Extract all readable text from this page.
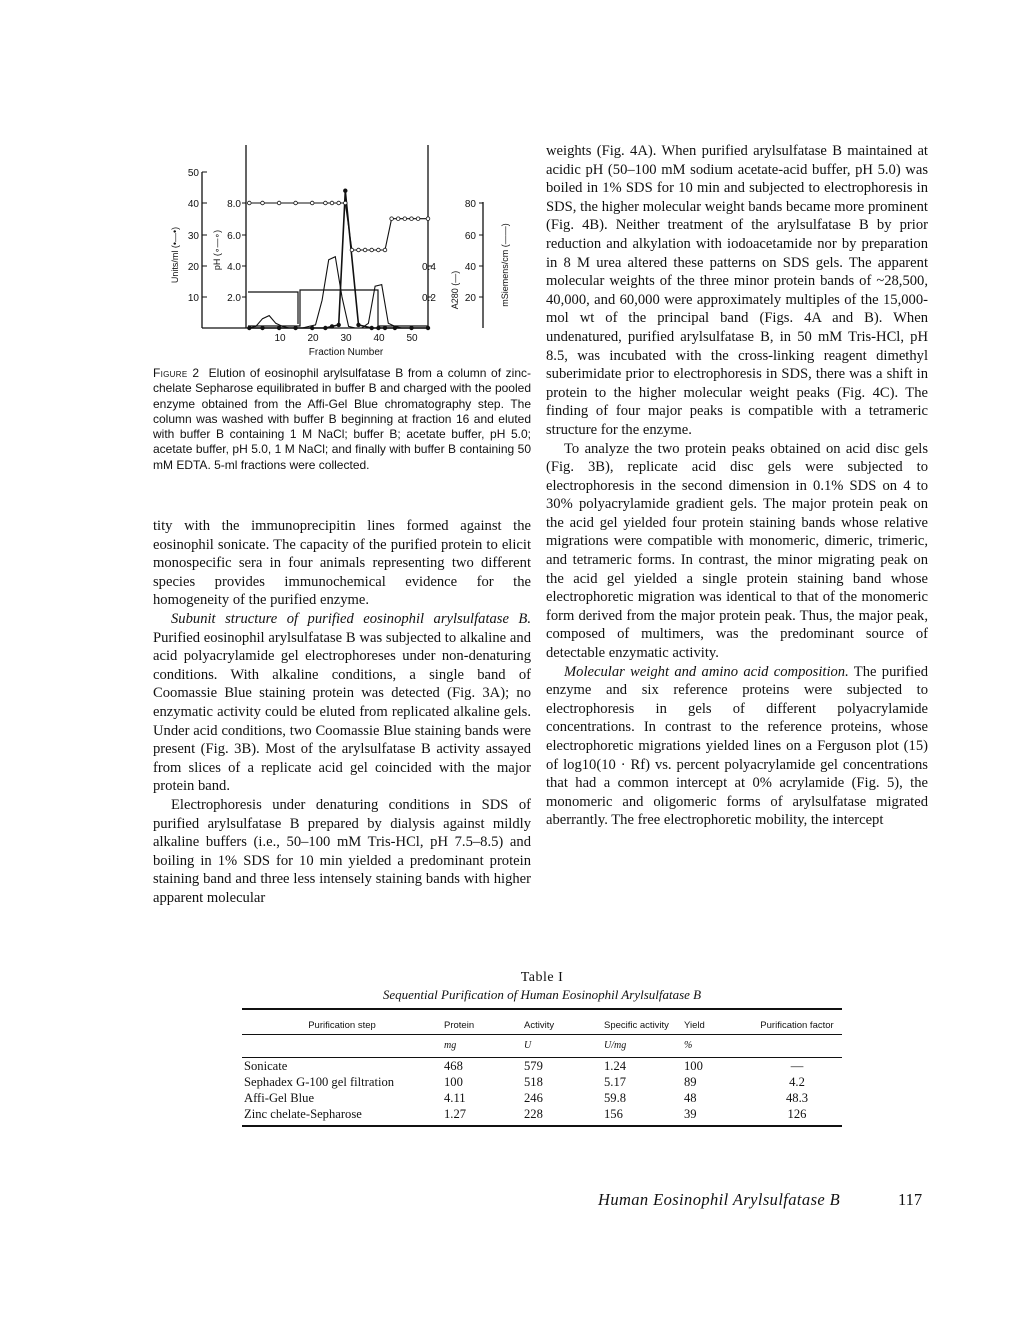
50
40
30
20
10
Units/ml (•—•)
8.0
6.0
4.0
2.0
pH (∘—∘)	0.4
0.2 A280 (—)
80
60
40
20	mSiemens/cm (——)
10 20 30 40 50
Fraction Number
Figure 2 Elution of eosinophil arylsulfatase B from a column of zinc-chelate Sepharose equilibrated in buffer B and charged with the pooled enzyme obtained from the Affi-Gel Blue chromatography step. The column was washed with buffer B beginning at fraction 16 and eluted with buffer B containing 1 M NaCl; buffer B; acetate buffer, pH 5.0; acetate buffer, pH 5.0, 1 M NaCl; and finally with buffer B containing 50 mM EDTA. 5-ml fractions were collected.

tity with the immunoprecipitin lines formed against the eosinophil sonicate. The capacity of the purified protein to elicit monospecific sera in four animals representing two different species provides immunochemical evidence for the homogeneity of the purified enzyme.

Subunit structure of purified eosinophil arylsulfatase B. Purified eosinophil arylsulfatase B was subjected to alkaline and acid polyacrylamide gel electrophoreses under non-denaturing conditions. With alkaline conditions, a single band of Coomassie Blue staining protein was detected (Fig. 3A); no enzymatic activity could be eluted from replicated alkaline gels. Under acid conditions, two Coomassie Blue staining bands were present (Fig. 3B). Most of the arylsulfatase B activity assayed from slices of a replicate acid gel coincided with the major protein band.

Electrophoresis under denaturing conditions in SDS of purified arylsulfatase B prepared by dialysis against mildly alkaline buffers (i.e., 50–100 mM Tris-HCl, pH 7.5–8.5) and boiling in 1% SDS for 10 min yielded a predominant protein staining band and three less intensely staining bands with higher apparent molecular

weights (Fig. 4A). When purified arylsulfatase B maintained at acidic pH (50–100 mM sodium acetate-acid buffer, pH 5.0) was boiled in 1% SDS for 10 min and subjected to electrophoresis in SDS, the higher molecular weight bands became more prominent (Fig. 4B). Neither treatment of the arylsulfatase B by prior reduction and alkylation with iodoacetamide nor by preparation in 8 M urea altered these patterns on SDS gels. The apparent molecular weights of the three minor protein bands of ~28,500, 40,000, and 60,000 were approximately multiples of the 15,000-mol wt of the principal band (Figs. 4A and B). When undenatured, purified arylsulfatase B, in 50 mM Tris-HCl, pH 8.5, was incubated with the cross-linking reagent dimethyl suberimidate prior to electrophoresis in SDS, there was a shift in protein to the higher molecular weight peaks (Fig. 4C). The finding of four major peaks is compatible with a tetrameric structure for the enzyme.

To analyze the two protein peaks obtained on acid disc gels (Fig. 3B), replicate acid disc gels were subjected to electrophoresis in the second dimension in 0.1% SDS on 4 to 30% polyacrylamide gradient gels. The major protein peak on the acid gel yielded four protein staining bands whose relative migrations were compatible with monomeric, dimeric, trimeric, and tetrameric forms. In contrast, the minor migrating peak on the acid gel yielded a single protein staining band whose electrophoretic migration was identical to that of the monomeric form derived from the major protein peak. Thus, the major peak, composed of multimers, was the predominant source of detectable enzymatic activity.

Molecular weight and amino acid composition. The purified enzyme and six reference proteins were subjected to electrophoresis in gels of different polyacrylamide concentrations. In contrast to the reference proteins, whose electrophoretic migrations yielded lines on a Ferguson plot (15) of log10(10 · Rf) vs. percent polyacrylamide gel concentrations that had a common intercept at 0% acrylamide (Fig. 5), the monomeric and oligomeric forms of arylsulfatase migrated aberrantly. The free electrophoretic mobility, the intercept

Table I
Sequential Purification of Human Eosinophil Arylsulfatase B
Purification step	Protein	Activity	Specific activity	Yield	Purification factor
	mg	U	U/mg	%	
Sonicate	468	579	1.24	100	—
Sephadex G-100 gel filtration	100	518	5.17	89	4.2
Affi-Gel Blue	4.11	246	59.8	48	48.3
Zinc chelate-Sepharose	1.27	228	156	39	126
Human Eosinophil Arylsulfatase B	117
